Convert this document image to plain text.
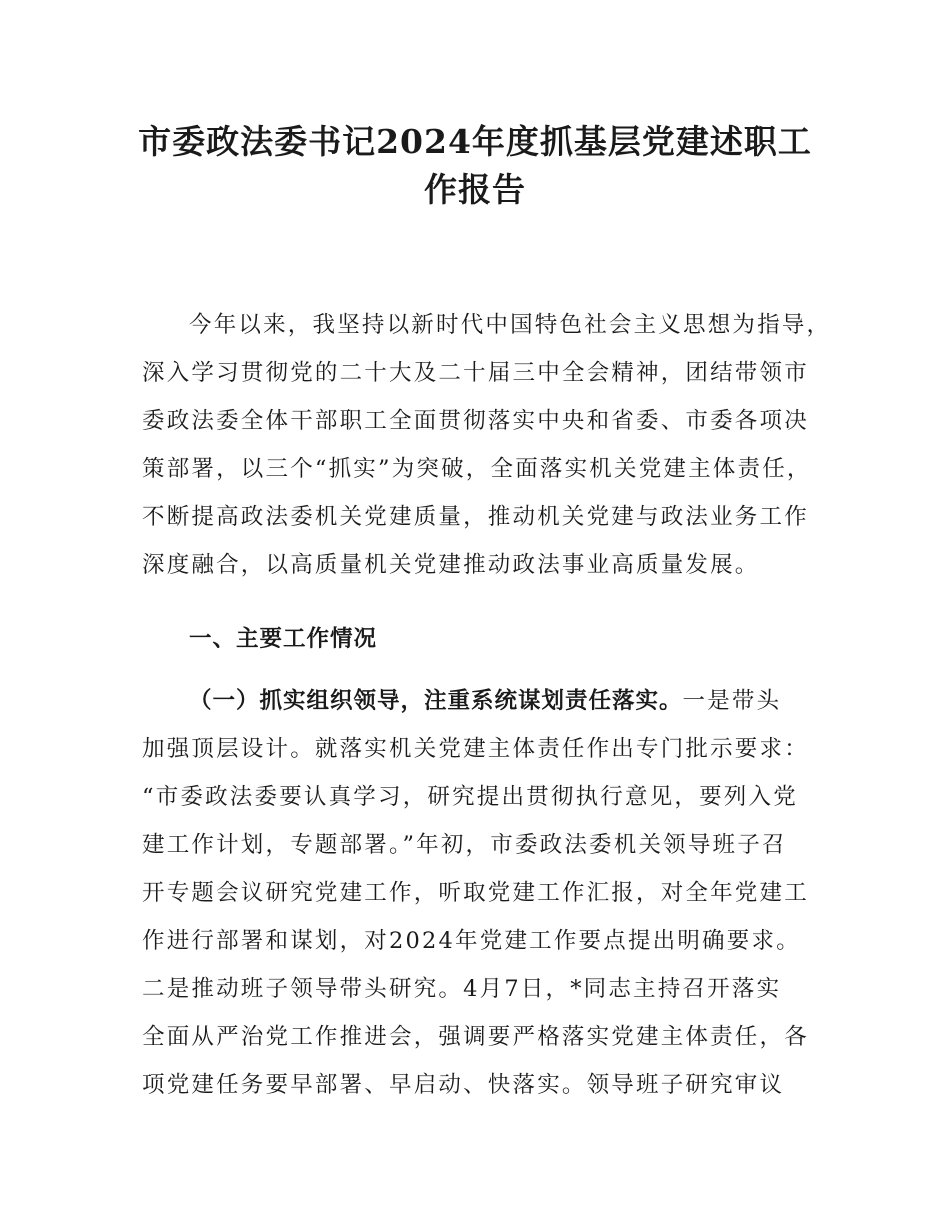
市委政法委书记2024年度抓基层党建述职工
作报告
今年以来，我坚持以新时代中国特色社会主义思想为指导，
深入学习贯彻党的二十大及二十届三中全会精神，团结带领市
委政法委全体干部职工全面贯彻落实中央和省委、市委各项决
策部署，以三个“抓实”为突破，全面落实机关党建主体责任，
不断提高政法委机关党建质量，推动机关党建与政法业务工作
深度融合，以高质量机关党建推动政法事业高质量发展。
一、主要工作情况
（一）抓实组织领导，注重系统谋划责任落实。一是带头
加强顶层设计。就落实机关党建主体责任作出专门批示要求：
“市委政法委要认真学习，研究提出贯彻执行意见，要列入党
建工作计划，专题部署。”年初，市委政法委机关领导班子召
开专题会议研究党建工作，听取党建工作汇报，对全年党建工
作进行部署和谋划，对2024年党建工作要点提出明确要求。
二是推动班子领导带头研究。4月7日，*同志主持召开落实
全面从严治党工作推进会，强调要严格落实党建主体责任，各
项党建任务要早部署、早启动、快落实。领导班子研究审议
